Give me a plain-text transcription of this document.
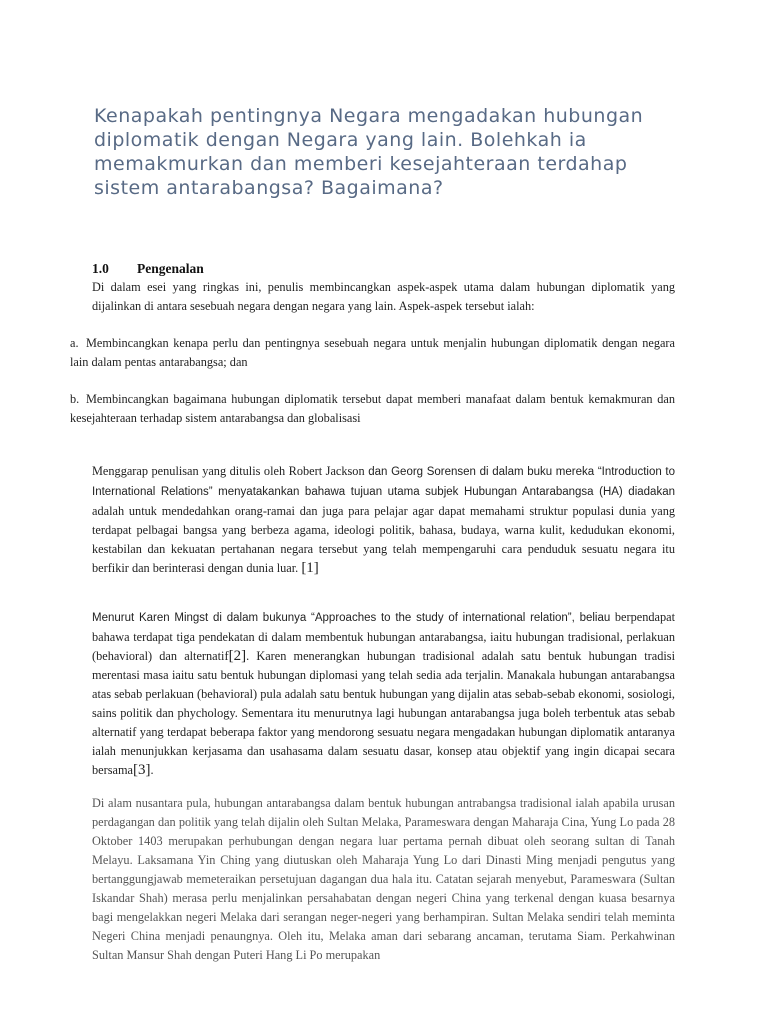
Kenapakah pentingnya Negara mengadakan hubungan diplomatik dengan Negara yang lain. Bolehkah ia memakmurkan dan memberi kesejahteraan terdahap sistem antarabangsa? Bagaimana?
1.0 Pengenalan

Di dalam esei yang ringkas ini, penulis membincangkan aspek-aspek utama dalam hubungan diplomatik yang dijalinkan di antara sesebuah negara dengan negara yang lain. Aspek-aspek tersebut ialah:

a. Membincangkan kenapa perlu dan pentingnya sesebuah negara untuk menjalin hubungan diplomatik dengan negara lain dalam pentas antarabangsa; dan
b. Membincangkan bagaimana hubungan diplomatik tersebut dapat memberi manafaat dalam bentuk kemakmuran dan kesejahteraan terhadap sistem antarabangsa dan globalisasi

Menggarap penulisan yang ditulis oleh Robert Jackson dan Georg Sorensen di dalam buku mereka “Introduction to International Relations” menyatakankan bahawa tujuan utama subjek Hubungan Antarabangsa (HA) diadakan adalah untuk mendedahkan orang-ramai dan juga para pelajar agar dapat memahami struktur populasi dunia yang terdapat pelbagai bangsa yang berbeza agama, ideologi politik, bahasa, budaya, warna kulit, kedudukan ekonomi, kestabilan dan kekuatan pertahanan negara tersebut yang telah mempengaruhi cara penduduk sesuatu negara itu berfikir dan berinterasi dengan dunia luar. [1]

Menurut Karen Mingst di dalam bukunya “Approaches to the study of international relation”, beliau berpendapat bahawa terdapat tiga pendekatan di dalam membentuk hubungan antarabangsa, iaitu hubungan tradisional, perlakuan (behavioral) dan alternatif[2]. Karen menerangkan hubungan tradisional adalah satu bentuk hubungan tradisi merentasi masa iaitu satu bentuk hubungan diplomasi yang telah sedia ada terjalin. Manakala hubungan antarabangsa atas sebab perlakuan (behavioral) pula adalah satu bentuk hubungan yang dijalin atas sebab-sebab ekonomi, sosiologi, sains politik dan phychology. Sementara itu menurutnya lagi hubungan antarabangsa juga boleh terbentuk atas sebab alternatif yang terdapat beberapa faktor yang mendorong sesuatu negara mengadakan hubungan diplomatik antaranya ialah menunjukkan kerjasama dan usahasama dalam sesuatu dasar, konsep atau objektif yang ingin dicapai secara bersama[3].

Di alam nusantara pula, hubungan antarabangsa dalam bentuk hubungan antrabangsa tradisional ialah apabila urusan perdagangan dan politik yang telah dijalin oleh Sultan Melaka, Parameswara dengan Maharaja Cina, Yung Lo pada 28 Oktober 1403 merupakan perhubungan dengan negara luar pertama pernah dibuat oleh seorang sultan di Tanah Melayu. Laksamana Yin Ching yang diutuskan oleh Maharaja Yung Lo dari Dinasti Ming menjadi pengutus yang bertanggungjawab memeteraikan persetujuan dagangan dua hala itu. Catatan sejarah menyebut, Parameswara (Sultan Iskandar Shah) merasa perlu menjalinkan persahabatan dengan negeri China yang terkenal dengan kuasa besarnya bagi mengelakkan negeri Melaka dari serangan neger-negeri yang berhampiran. Sultan Melaka sendiri telah meminta Negeri China menjadi penaungnya. Oleh itu, Melaka aman dari sebarang ancaman, terutama Siam. Perkahwinan Sultan Mansur Shah dengan Puteri Hang Li Po merupakan
